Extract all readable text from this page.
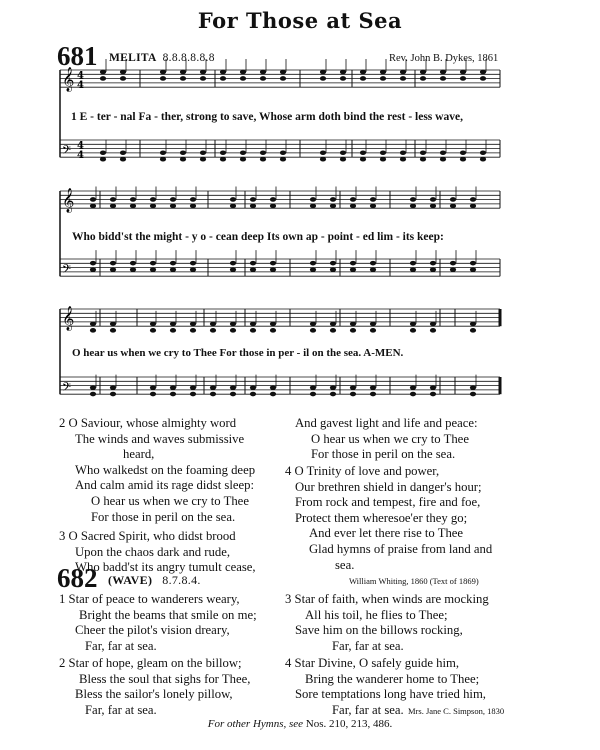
For Those at Sea
681 MELITA 8.8.8.8.8.8	Rev. John B. Dykes, 1861
𝄞 4
4
𝄢 4
4
𝄞
𝄢
𝄞
𝄢
1 E - ter - nal Fa - ther, strong to save, Whose arm doth bind the rest - less wave,
Who bidd'st the might - y o - cean deep Its own ap - point - ed lim - its keep:
O hear us when we cry to Thee For those in per - il on the sea. A-MEN.
2 O Saviour, whose almighty word
The winds and waves submissive
heard,
Who walkedst on the foaming deep
And calm amid its rage didst sleep:
O hear us when we cry to Thee
For those in peril on the sea.
3 O Sacred Spirit, who didst brood
Upon the chaos dark and rude,
Who badd'st its angry tumult cease,
And gavest light and life and peace:
O hear us when we cry to Thee
For those in peril on the sea.
4 O Trinity of love and power,
Our brethren shield in danger's hour;
From rock and tempest, fire and foe,
Protect them wheresoe'er they go;
And ever let there rise to Thee
Glad hymns of praise from land and
sea.
William Whiting, 1860 (Text of 1869)
682 (WAVE) 8.7.8.4.
1 Star of peace to wanderers weary,
Bright the beams that smile on me;
Cheer the pilot's vision dreary,
Far, far at sea.
2 Star of hope, gleam on the billow;
Bless the soul that sighs for Thee,
Bless the sailor's lonely pillow,
Far, far at sea.
3 Star of faith, when winds are mocking
All his toil, he flies to Thee;
Save him on the billows rocking,
Far, far at sea.
4 Star Divine, O safely guide him,
Bring the wanderer home to Thee;
Sore temptations long have tried him,
Far, far at sea. Mrs. Jane C. Simpson, 1830
For other Hymns, see Nos. 210, 213, 486.
